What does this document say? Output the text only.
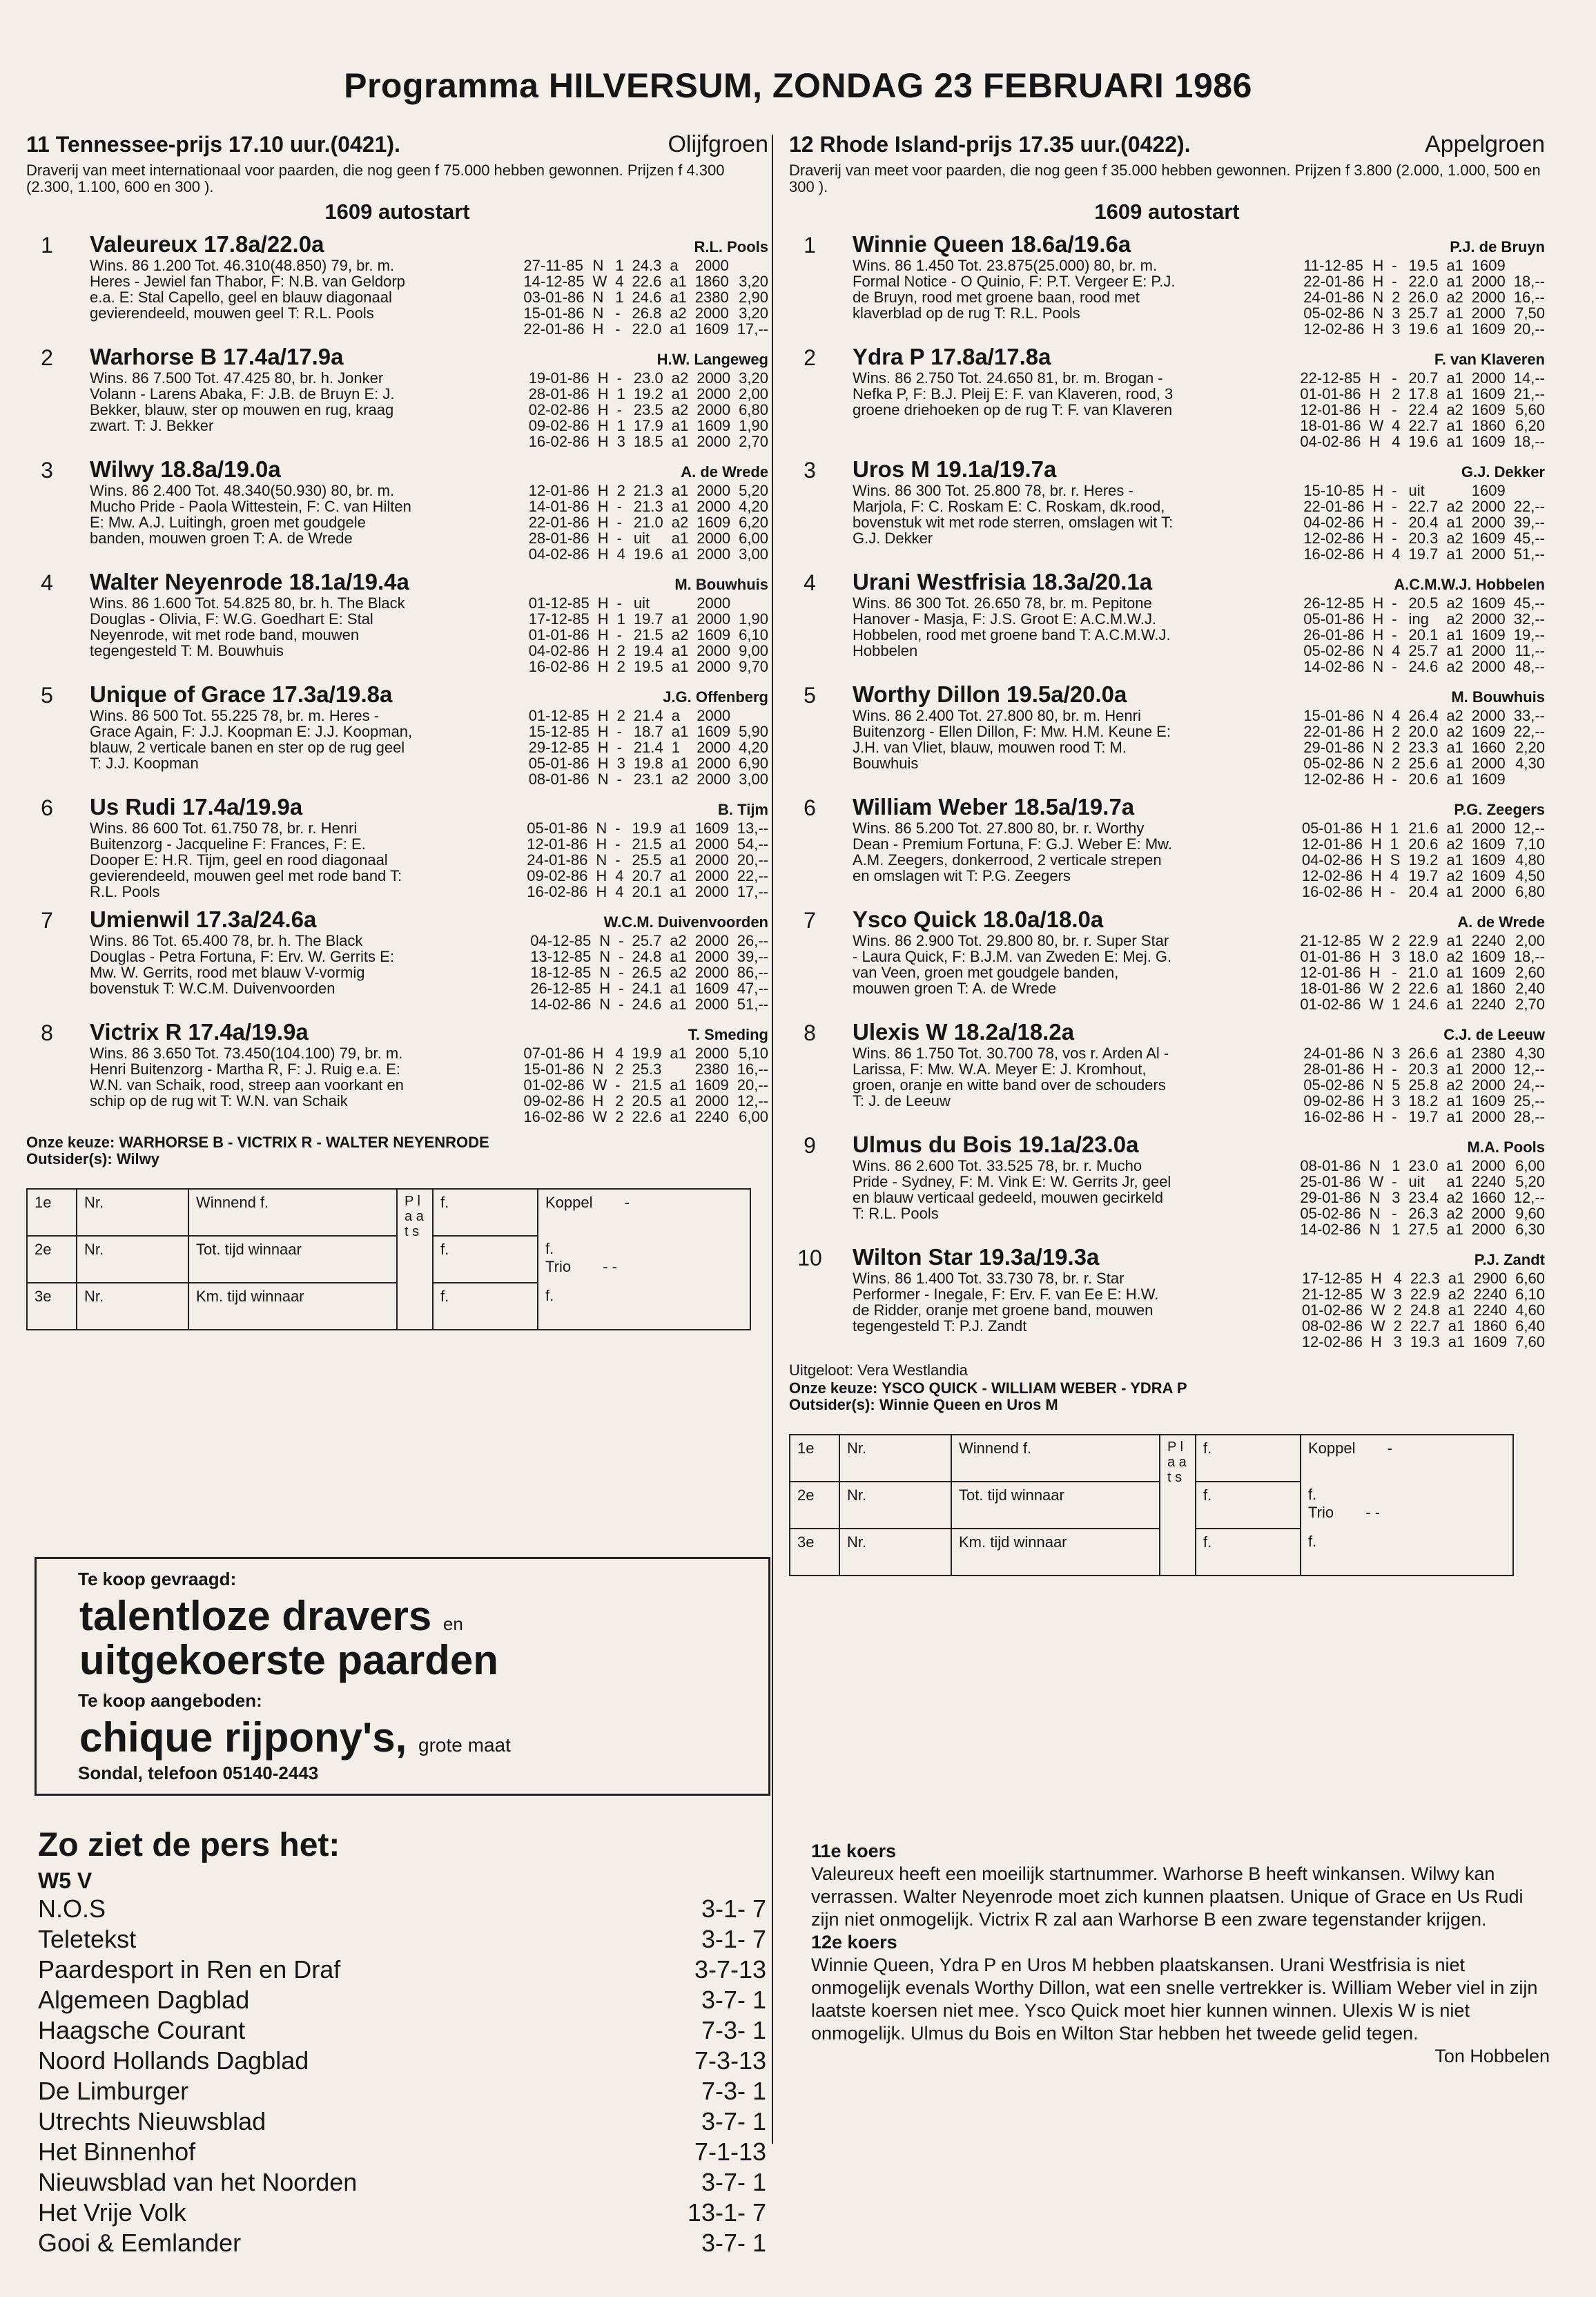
Programma HILVERSUM, ZONDAG 23 FEBRUARI 1986
11 Tennessee-prijs 17.10 uur.(0421).	Olijfgroen
Draverij van meet internationaal voor paarden, die nog geen f 75.000 hebben gewonnen. Prijzen f 4.300 (2.300, 1.100, 600 en 300 ).
1609 autostart
1	Valeureux 17.8a/22.0a	R.L. Pools
Wins. 86 1.200 Tot. 46.310(48.850) 79, br. m. Heres - Jewiel fan Thabor, F: N.B. van Geldorp e.a. E: Stal Capello, geel en blauw diagonaal gevierendeeld, mouwen geel T: R.L. Pools
27-11-85	N	1	24.3	a	2000	
14-12-85	W	4	22.6	a1	1860	3,20
03-01-86	N	1	24.6	a1	2380	2,90
15-01-86	N	-	26.8	a2	2000	3,20
22-01-86	H	-	22.0	a1	1609	17,--
2	Warhorse B 17.4a/17.9a	H.W. Langeweg
Wins. 86 7.500 Tot. 47.425 80, br. h. Jonker Volann - Larens Abaka, F: J.B. de Bruyn E: J. Bekker, blauw, ster op mouwen en rug, kraag zwart. T: J. Bekker
19-01-86	H	-	23.0	a2	2000	3,20
28-01-86	H	1	19.2	a1	2000	2,00
02-02-86	H	-	23.5	a2	2000	6,80
09-02-86	H	1	17.9	a1	1609	1,90
16-02-86	H	3	18.5	a1	2000	2,70
3	Wilwy 18.8a/19.0a	A. de Wrede
Wins. 86 2.400 Tot. 48.340(50.930) 80, br. m. Mucho Pride - Paola Wittestein, F: C. van Hilten E: Mw. A.J. Luitingh, groen met goudgele banden, mouwen groen T: A. de Wrede
12-01-86	H	2	21.3	a1	2000	5,20
14-01-86	H	-	21.3	a1	2000	4,20
22-01-86	H	-	21.0	a2	1609	6,20
28-01-86	H	-	uit	a1	2000	6,00
04-02-86	H	4	19.6	a1	2000	3,00
4	Walter Neyenrode 18.1a/19.4a	M. Bouwhuis
Wins. 86 1.600 Tot. 54.825 80, br. h. The Black Douglas - Olivia, F: W.G. Goedhart E: Stal Neyenrode, wit met rode band, mouwen tegengesteld T: M. Bouwhuis
01-12-85	H	-	uit		2000	
17-12-85	H	1	19.7	a1	2000	1,90
01-01-86	H	-	21.5	a2	1609	6,10
04-02-86	H	2	19.4	a1	2000	9,00
16-02-86	H	2	19.5	a1	2000	9,70
5	Unique of Grace 17.3a/19.8a	J.G. Offenberg
Wins. 86 500 Tot. 55.225 78, br. m. Heres - Grace Again, F: J.J. Koopman E: J.J. Koopman, blauw, 2 verticale banen en ster op de rug geel T: J.J. Koopman
01-12-85	H	2	21.4	a	2000	
15-12-85	H	-	18.7	a1	1609	5,90
29-12-85	H	-	21.4	1	2000	4,20
05-01-86	H	3	19.8	a1	2000	6,90
08-01-86	N	-	23.1	a2	2000	3,00
6	Us Rudi 17.4a/19.9a	B. Tijm
Wins. 86 600 Tot. 61.750 78, br. r. Henri Buitenzorg - Jacqueline F: Frances, F: E. Dooper E: H.R. Tijm, geel en rood diagonaal gevierendeeld, mouwen geel met rode band T: R.L. Pools
05-01-86	N	-	19.9	a1	1609	13,--
12-01-86	H	-	21.5	a1	2000	54,--
24-01-86	N	-	25.5	a1	2000	20,--
09-02-86	H	4	20.7	a1	2000	22,--
16-02-86	H	4	20.1	a1	2000	17,--
7	Umienwil 17.3a/24.6a	W.C.M. Duivenvoorden
Wins. 86 Tot. 65.400 78, br. h. The Black Douglas - Petra Fortuna, F: Erv. W. Gerrits E: Mw. W. Gerrits, rood met blauw V-vormig bovenstuk T: W.C.M. Duivenvoorden
04-12-85	N	-	25.7	a2	2000	26,--
13-12-85	N	-	24.8	a1	2000	39,--
18-12-85	N	-	26.5	a2	2000	86,--
26-12-85	H	-	24.1	a1	1609	47,--
14-02-86	N	-	24.6	a1	2000	51,--
8	Victrix R 17.4a/19.9a	T. Smeding
Wins. 86 3.650 Tot. 73.450(104.100) 79, br. m. Henri Buitenzorg - Martha R, F: J. Ruig e.a. E: W.N. van Schaik, rood, streep aan voorkant en schip op de rug wit T: W.N. van Schaik
07-01-86	H	4	19.9	a1	2000	5,10
15-01-86	N	2	25.3		2380	16,--
01-02-86	W	-	21.5	a1	1609	20,--
09-02-86	H	2	20.5	a1	2000	12,--
16-02-86	W	2	22.6	a1	2240	6,00
Onze keuze: WARHORSE B - VICTRIX R - WALTER NEYENRODE
Outsider(s): Wilwy
1e	Nr.	Winnend f.	P l a a t s	f.	Koppel -
2e	Nr.	Tot. tijd winnaar		f.	f.
Trio - -
3e	Nr.	Km. tijd winnaar		f.	f.
12 Rhode Island-prijs 17.35 uur.(0422).	Appelgroen
Draverij van meet voor paarden, die nog geen f 35.000 hebben gewonnen. Prijzen f 3.800 (2.000, 1.000, 500 en 300 ).
1609 autostart
1	Winnie Queen 18.6a/19.6a	P.J. de Bruyn
Wins. 86 1.450 Tot. 23.875(25.000) 80, br. m. Formal Notice - O Quinio, F: P.T. Vergeer E: P.J. de Bruyn, rood met groene baan, rood met klaverblad op de rug T: R.L. Pools
11-12-85	H	-	19.5	a1	1609	
22-01-86	H	-	22.0	a1	2000	18,--
24-01-86	N	2	26.0	a2	2000	16,--
05-02-86	N	3	25.7	a1	2000	7,50
12-02-86	H	3	19.6	a1	1609	20,--
2	Ydra P 17.8a/17.8a	F. van Klaveren
Wins. 86 2.750 Tot. 24.650 81, br. m. Brogan - Nefka P, F: B.J. Pleij E: F. van Klaveren, rood, 3 groene driehoeken op de rug T: F. van Klaveren
22-12-85	H	-	20.7	a1	2000	14,--
01-01-86	H	2	17.8	a1	1609	21,--
12-01-86	H	-	22.4	a2	1609	5,60
18-01-86	W	4	22.7	a1	1860	6,20
04-02-86	H	4	19.6	a1	1609	18,--
3	Uros M 19.1a/19.7a	G.J. Dekker
Wins. 86 300 Tot. 25.800 78, br. r. Heres - Marjola, F: C. Roskam E: C. Roskam, dk.rood, bovenstuk wit met rode sterren, omslagen wit T: G.J. Dekker
15-10-85	H	-	uit		1609	
22-01-86	H	-	22.7	a2	2000	22,--
04-02-86	H	-	20.4	a1	2000	39,--
12-02-86	H	-	20.3	a2	1609	45,--
16-02-86	H	4	19.7	a1	2000	51,--
4	Urani Westfrisia 18.3a/20.1a	A.C.M.W.J. Hobbelen
Wins. 86 300 Tot. 26.650 78, br. m. Pepitone Hanover - Masja, F: J.S. Groot E: A.C.M.W.J. Hobbelen, rood met groene band T: A.C.M.W.J. Hobbelen
26-12-85	H	-	20.5	a2	1609	45,--
05-01-86	H	-	ing	a2	2000	32,--
26-01-86	H	-	20.1	a1	1609	19,--
05-02-86	N	4	25.7	a1	2000	11,--
14-02-86	N	-	24.6	a2	2000	48,--
5	Worthy Dillon 19.5a/20.0a	M. Bouwhuis
Wins. 86 2.400 Tot. 27.800 80, br. m. Henri Buitenzorg - Ellen Dillon, F: Mw. H.M. Keune E: J.H. van Vliet, blauw, mouwen rood T: M. Bouwhuis
15-01-86	N	4	26.4	a2	2000	33,--
22-01-86	H	2	20.0	a2	1609	22,--
29-01-86	N	2	23.3	a1	1660	2,20
05-02-86	N	2	25.6	a1	2000	4,30
12-02-86	H	-	20.6	a1	1609	
6	William Weber 18.5a/19.7a	P.G. Zeegers
Wins. 86 5.200 Tot. 27.800 80, br. r. Worthy Dean - Premium Fortuna, F: G.J. Weber E: Mw. A.M. Zeegers, donkerrood, 2 verticale strepen en omslagen wit T: P.G. Zeegers
05-01-86	H	1	21.6	a1	2000	12,--
12-01-86	H	1	20.6	a2	1609	7,10
04-02-86	H	S	19.2	a1	1609	4,80
12-02-86	H	4	19.7	a2	1609	4,50
16-02-86	H	-	20.4	a1	2000	6,80
7	Ysco Quick 18.0a/18.0a	A. de Wrede
Wins. 86 2.900 Tot. 29.800 80, br. r. Super Star - Laura Quick, F: B.J.M. van Zweden E: Mej. G. van Veen, groen met goudgele banden, mouwen groen T: A. de Wrede
21-12-85	W	2	22.9	a1	2240	2,00
01-01-86	H	3	18.0	a2	1609	18,--
12-01-86	H	-	21.0	a1	1609	2,60
18-01-86	W	2	22.6	a1	1860	2,40
01-02-86	W	1	24.6	a1	2240	2,70
8	Ulexis W 18.2a/18.2a	C.J. de Leeuw
Wins. 86 1.750 Tot. 30.700 78, vos r. Arden Al - Larissa, F: Mw. W.A. Meyer E: J. Kromhout, groen, oranje en witte band over de schouders T: J. de Leeuw
24-01-86	N	3	26.6	a1	2380	4,30
28-01-86	H	-	20.3	a1	2000	12,--
05-02-86	N	5	25.8	a2	2000	24,--
09-02-86	H	3	18.2	a1	1609	25,--
16-02-86	H	-	19.7	a1	2000	28,--
9	Ulmus du Bois 19.1a/23.0a	M.A. Pools
Wins. 86 2.600 Tot. 33.525 78, br. r. Mucho Pride - Sydney, F: M. Vink E: W. Gerrits Jr, geel en blauw verticaal gedeeld, mouwen gecirkeld T: R.L. Pools
08-01-86	N	1	23.0	a1	2000	6,00
25-01-86	W	-	uit	a1	2240	5,20
29-01-86	N	3	23.4	a2	1660	12,--
05-02-86	N	-	26.3	a2	2000	9,60
14-02-86	N	1	27.5	a1	2000	6,30
10	Wilton Star 19.3a/19.3a	P.J. Zandt
Wins. 86 1.400 Tot. 33.730 78, br. r. Star Performer - Inegale, F: Erv. F. van Ee E: H.W. de Ridder, oranje met groene band, mouwen tegengesteld T: P.J. Zandt
17-12-85	H	4	22.3	a1	2900	6,60
21-12-85	W	3	22.9	a2	2240	6,10
01-02-86	W	2	24.8	a1	2240	4,60
08-02-86	W	2	22.7	a1	1860	6,40
12-02-86	H	3	19.3	a1	1609	7,60
Uitgeloot: Vera Westlandia
Onze keuze: YSCO QUICK - WILLIAM WEBER - YDRA P
Outsider(s): Winnie Queen en Uros M
1e	Nr.	Winnend f.	P l a a t s	f.	Koppel -
2e	Nr.	Tot. tijd winnaar		f.	f.
Trio - -
3e	Nr.	Km. tijd winnaar		f.	f.
Te koop gevraagd:
talentloze dravers en
uitgekoerste paarden
Te koop aangeboden:
chique rijpony's, grote maat
Sondal, telefoon 05140-2443
Zo ziet de pers het:
W5 V
N.O.S	3-1- 7
Teletekst	3-1- 7
Paardesport in Ren en Draf	3-7-13
Algemeen Dagblad	3-7- 1
Haagsche Courant	7-3- 1
Noord Hollands Dagblad	7-3-13
De Limburger	7-3- 1
Utrechts Nieuwsblad	3-7- 1
Het Binnenhof	7-1-13
Nieuwsblad van het Noorden	3-7- 1
Het Vrije Volk	13-1- 7
Gooi & Eemlander	3-7- 1
11e koers
Valeureux heeft een moeilijk startnummer. Warhorse B heeft winkansen. Wilwy kan verrassen. Walter Neyenrode moet zich kunnen plaatsen. Unique of Grace en Us Rudi zijn niet onmogelijk. Victrix R zal aan Warhorse B een zware tegenstander krijgen.
12e koers
Winnie Queen, Ydra P en Uros M hebben plaatskansen. Urani Westfrisia is niet onmogelijk evenals Worthy Dillon, wat een snelle vertrekker is. William Weber viel in zijn laatste koersen niet mee. Ysco Quick moet hier kunnen winnen. Ulexis W is niet onmogelijk. Ulmus du Bois en Wilton Star hebben het tweede gelid tegen.
Ton Hobbelen
